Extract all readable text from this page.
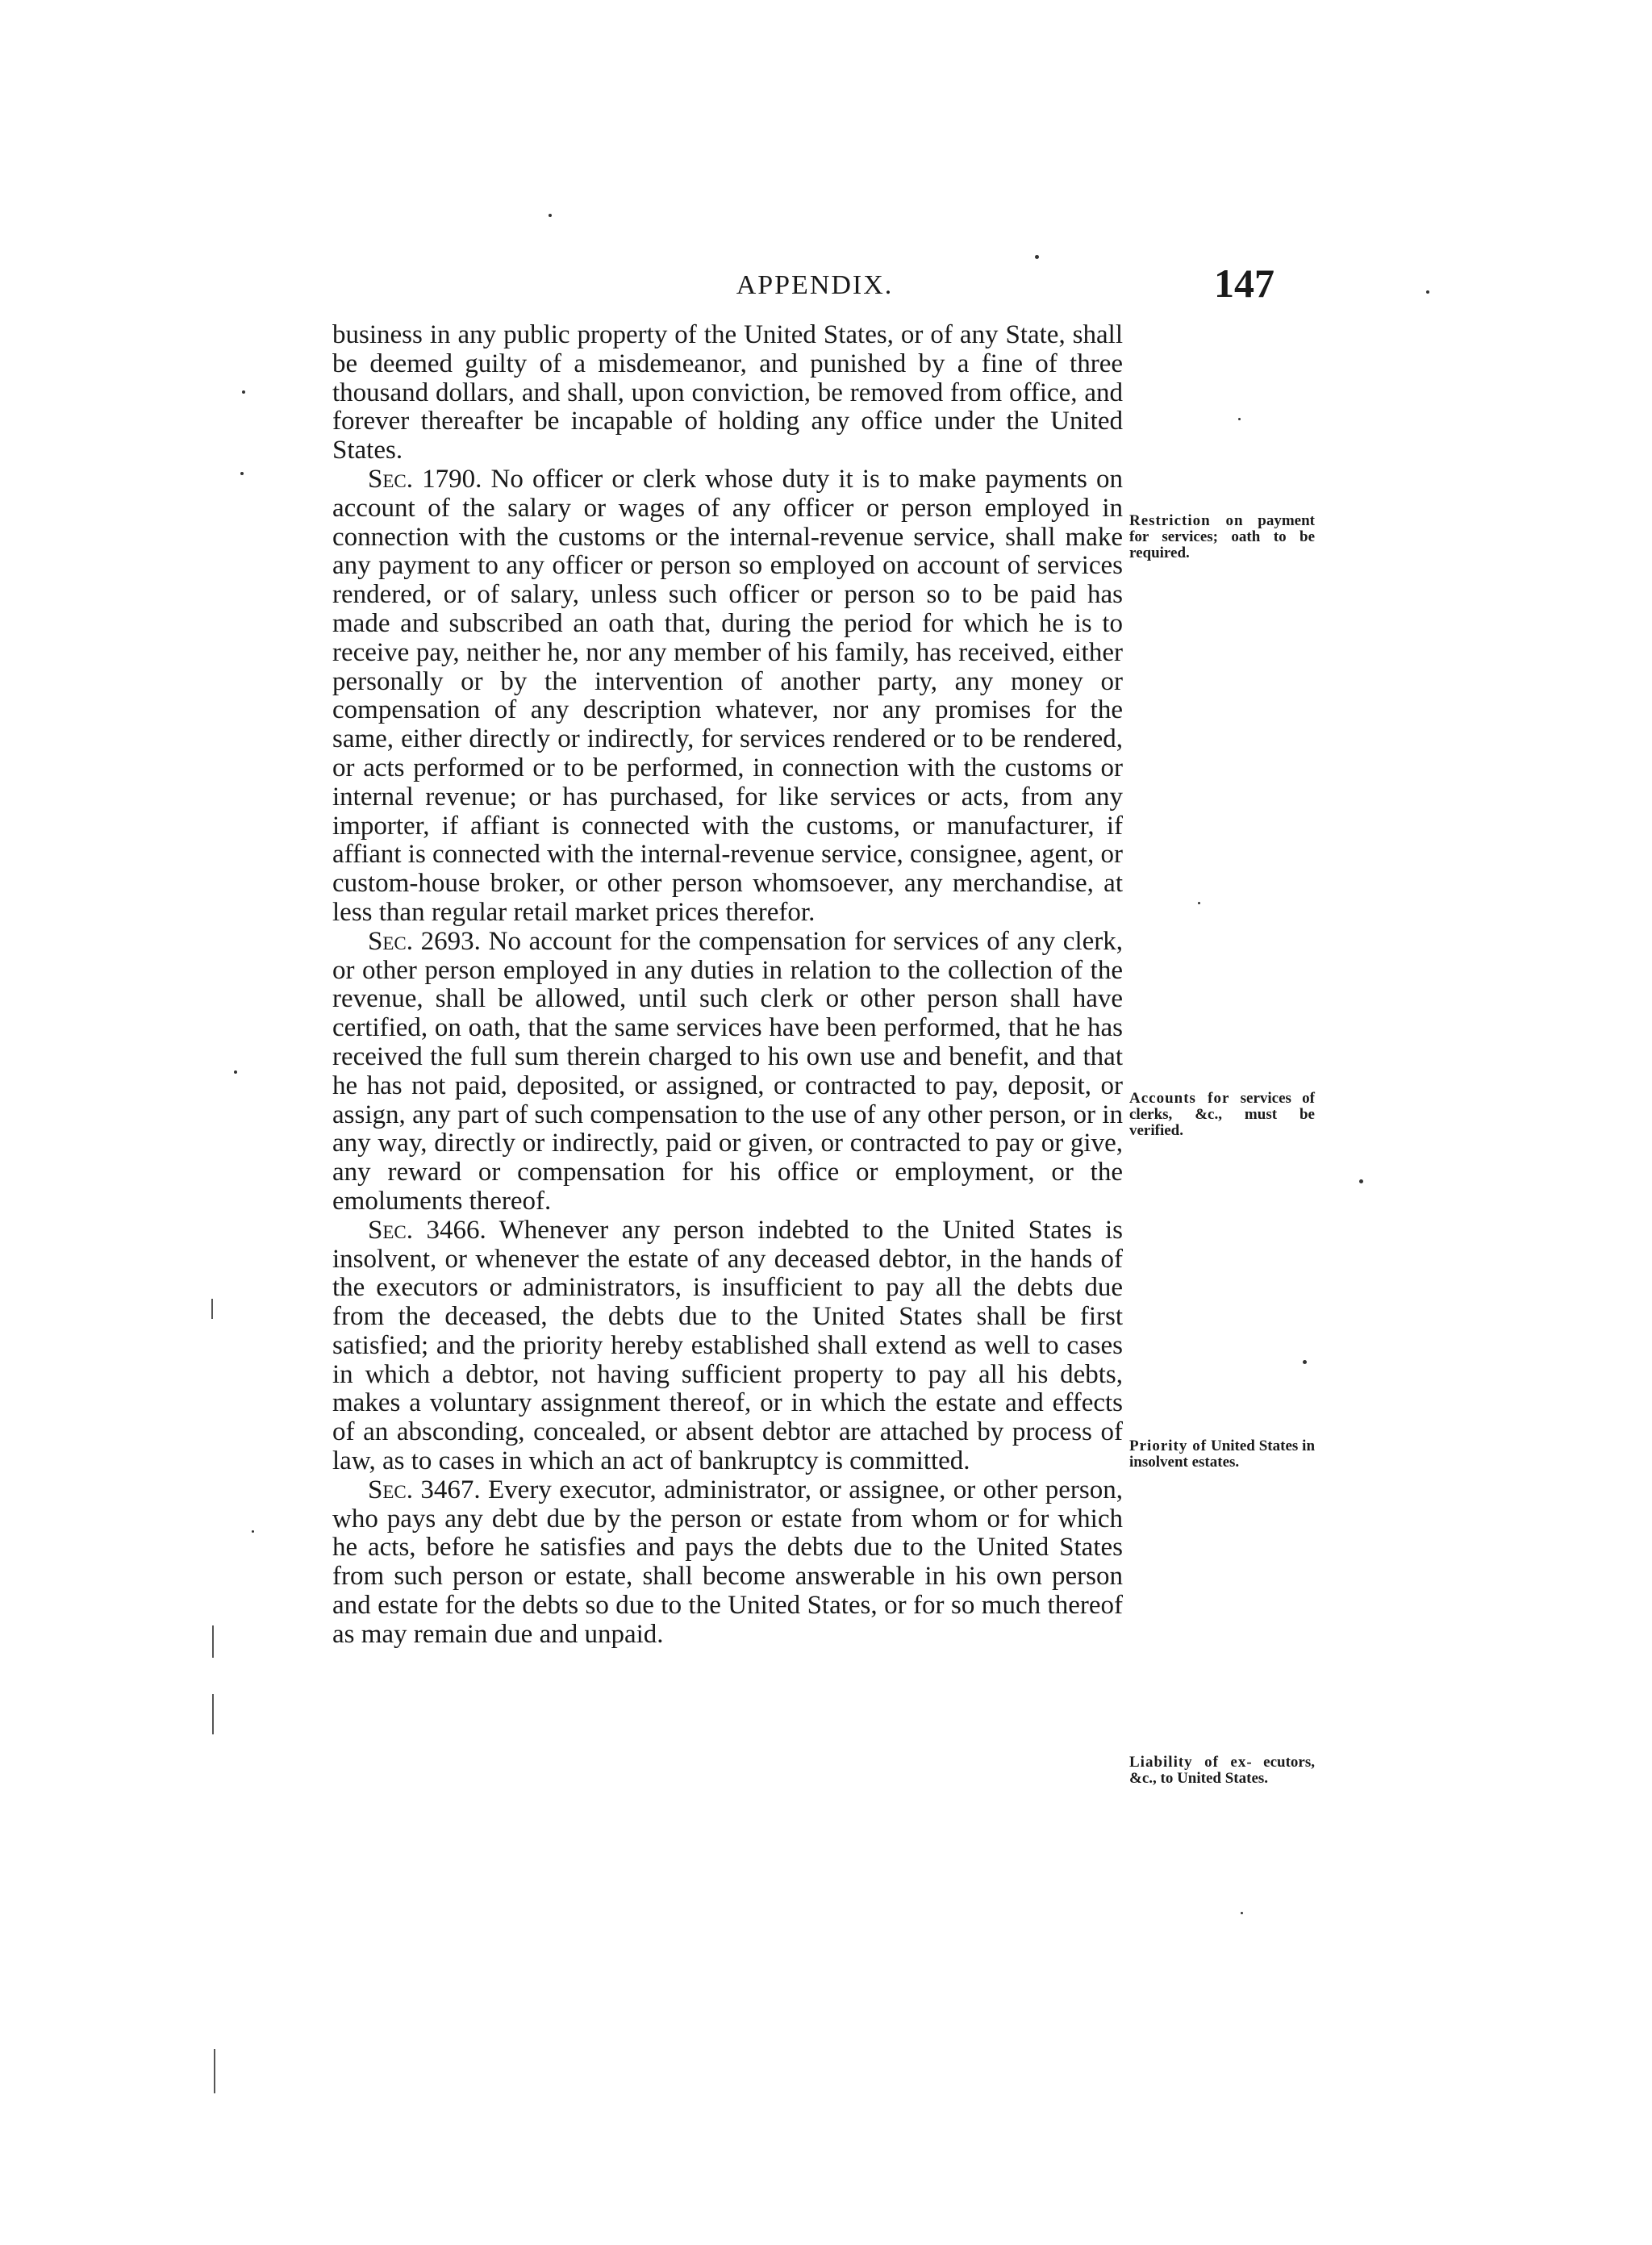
APPENDIX.	147

business in any public property of the United States, or of any State, shall be deemed guilty of a misdemeanor, and punished by a fine of three thousand dollars, and shall, upon conviction, be removed from office, and forever thereafter be incapable of holding any office under the United States.

Sec. 1790. No officer or clerk whose duty it is to make payments on account of the salary or wages of any officer or person employed in connection with the customs or the internal-revenue service, shall make any payment to any officer or person so employed on account of services rendered, or of salary, unless such officer or person so to be paid has made and subscribed an oath that, during the period for which he is to receive pay, neither he, nor any member of his family, has received, either personally or by the intervention of another party, any money or compensation of any description whatever, nor any promises for the same, either directly or indirectly, for services rendered or to be rendered, or acts performed or to be performed, in connection with the customs or internal revenue; or has purchased, for like services or acts, from any importer, if affiant is connected with the customs, or manufacturer, if affiant is connected with the internal-revenue service, consignee, agent, or custom-house broker, or other person whomsoever, any merchandise, at less than regular retail market prices therefor.

Sec. 2693. No account for the compensation for services of any clerk, or other person employed in any duties in relation to the collection of the revenue, shall be allowed, until such clerk or other person shall have certified, on oath, that the same services have been performed, that he has received the full sum therein charged to his own use and benefit, and that he has not paid, deposited, or assigned, or contracted to pay, deposit, or assign, any part of such compensation to the use of any other person, or in any way, directly or indirectly, paid or given, or contracted to pay or give, any reward or compensation for his office or employment, or the emoluments thereof.

Sec. 3466. Whenever any person indebted to the United States is insolvent, or whenever the estate of any deceased debtor, in the hands of the executors or administrators, is insufficient to pay all the debts due from the deceased, the debts due to the United States shall be first satisfied; and the priority hereby established shall extend as well to cases in which a debtor, not having sufficient property to pay all his debts, makes a voluntary assignment thereof, or in which the estate and effects of an absconding, concealed, or absent debtor are attached by process of law, as to cases in which an act of bankruptcy is committed.

Sec. 3467. Every executor, administrator, or assignee, or other person, who pays any debt due by the person or estate from whom or for which he acts, before he satisfies and pays the debts due to the United States from such person or estate, shall become answerable in his own person and estate for the debts so due to the United States, or for so much thereof as may remain due and unpaid.

Restriction on payment for services; oath to be required.
Accounts for services of clerks, &c., must be verified.
Priority of United States in insolvent estates.
Liability of ex- ecutors, &c., to United States.
